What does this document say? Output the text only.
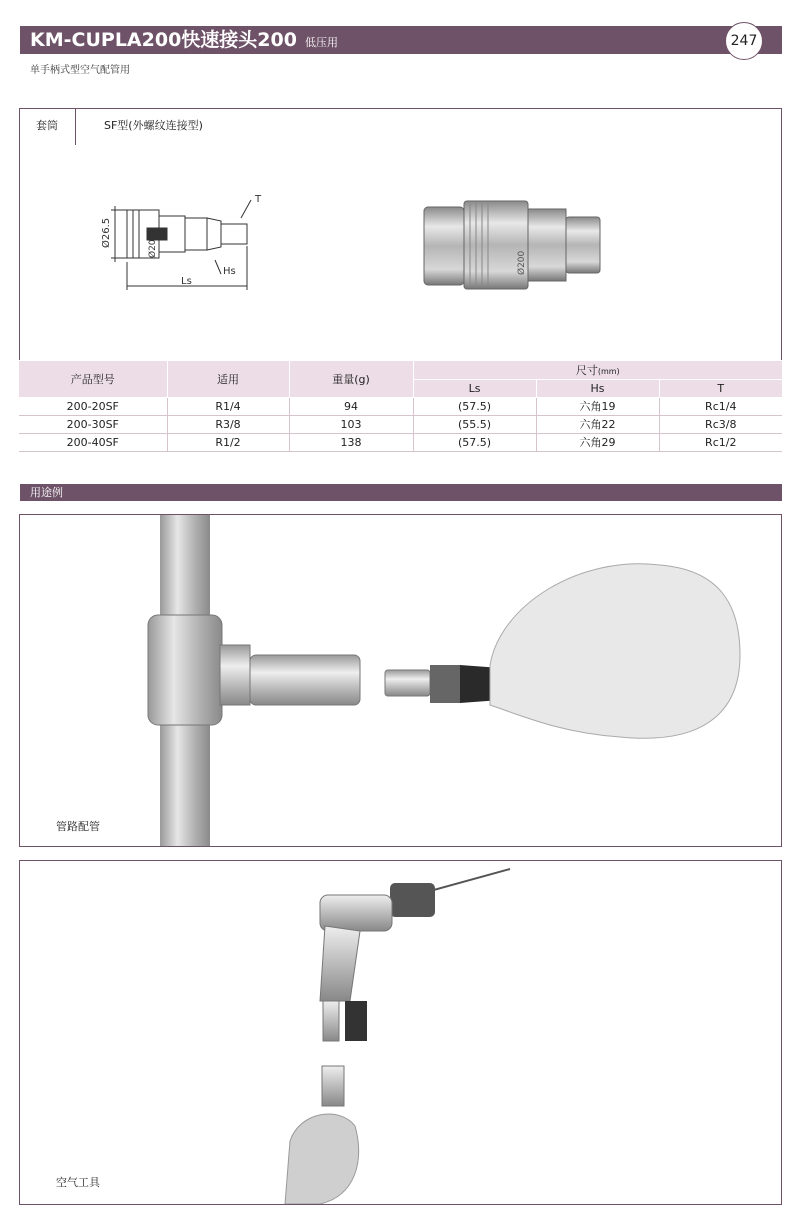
KM-CUPLA200快速接头200 低压用	247
单手柄式型空气配管用
套筒	SF型(外螺纹连接型)
T
Hs
Ls
Ø26.5	Ø200
Ø200
产品型号	适用	重量(g)	尺寸(mm)		
			Ls	Hs	T
200-20SF	R1/4	94	(57.5)	六角19	Rc1/4
200-30SF	R3/8	103	(55.5)	六角22	Rc3/8
200-40SF	R1/2	138	(57.5)	六角29	Rc1/2
用途例
管路配管
空气工具
